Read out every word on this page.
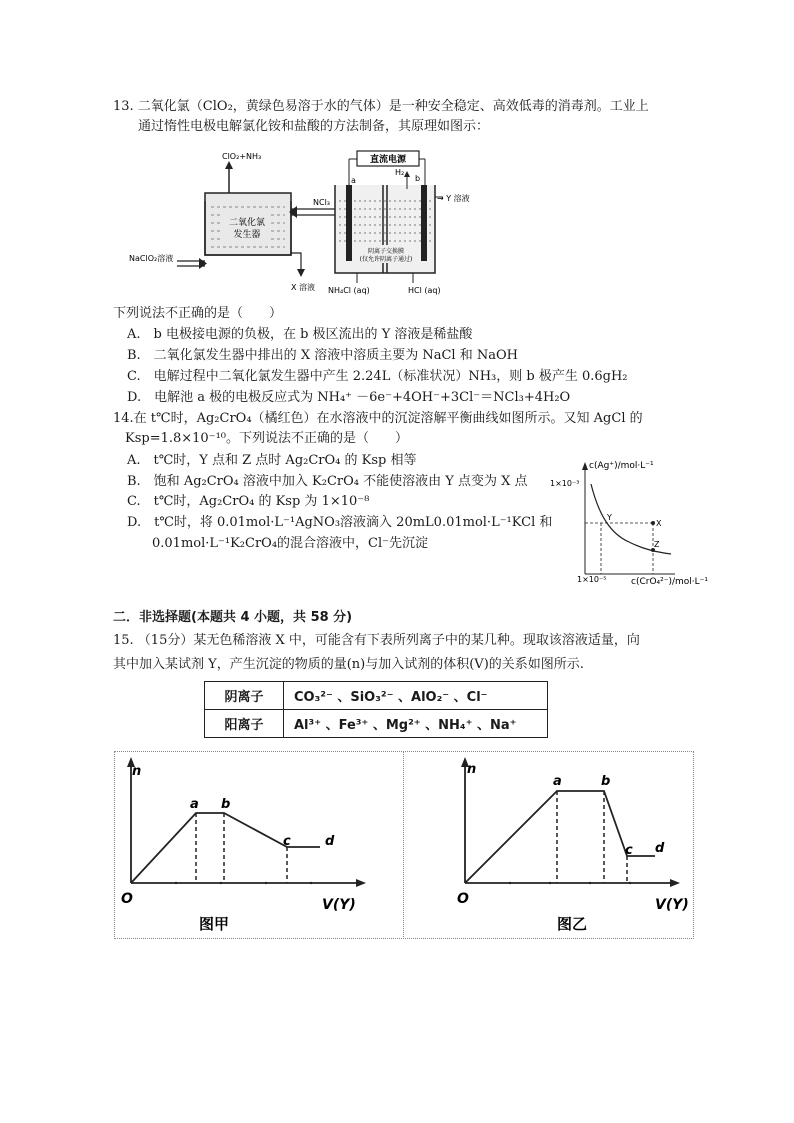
13. 二氧化氯（ClO₂，黄绿色易溶于水的气体）是一种安全稳定、高效低毒的消毒剂。工业上
通过惰性电极电解氯化铵和盐酸的方法制备，其原理如图示：
二氧化氯
发生器
ClO₂+NH₃
NaClO₂溶液
X 溶液
NCl₃
直流电源
a	b
阴离子交换膜
(仅允许阴离子通过)
H₂
→ Y 溶液
NH₄Cl (aq)	HCl (aq)
下列说法不正确的是（　　）
A.　b 电极接电源的负极，在 b 极区流出的 Y 溶液是稀盐酸
B.　二氧化氯发生器中排出的 X 溶液中溶质主要为 NaCl 和 NaOH
C.　电解过程中二氧化氯发生器中产生 2.24L（标准状况）NH₃，则 b 极产生 0.6gH₂
D.　电解池 a 极的电极反应式为 NH₄⁺ －6e⁻+4OH⁻+3Cl⁻＝NCl₃+4H₂O
14.在 t℃时，Ag₂CrO₄（橘红色）在水溶液中的沉淀溶解平衡曲线如图所示。又知 AgCl 的
Ksp=1.8×10⁻¹⁰。下列说法不正确的是（　　）
A.　t℃时，Y 点和 Z 点时 Ag₂CrO₄ 的 Ksp 相等
B.　饱和 Ag₂CrO₄ 溶液中加入 K₂CrO₄ 不能使溶液由 Y 点变为 X 点
C.　t℃时，Ag₂CrO₄ 的 Ksp 为 1×10⁻⁸
D.　t℃时，将 0.01mol·L⁻¹AgNO₃溶液滴入 20mL0.01mol·L⁻¹KCl 和
0.01mol·L⁻¹K₂CrO₄的混合溶液中，Cl⁻先沉淀
c(Ag⁺)/mol·L⁻¹
1×10⁻³
1×10⁻⁵	c(CrO₄²⁻)/mol·L⁻¹
Y
X
Z
二．非选择题(本题共 4 小题，共 58 分)
15. （15分）某无色稀溶液 X 中，可能含有下表所列离子中的某几种。现取该溶液适量，向
其中加入某试剂 Y，产生沉淀的物质的量(n)与加入试剂的体积(V)的关系如图所示.
阴离子	CO₃²⁻ 、SiO₃²⁻ 、AlO₂⁻ 、Cl⁻
阳离子	Al³⁺ 、Fe³⁺ 、Mg²⁺ 、NH₄⁺ 、Na⁺
n
O	V(Y)
a b
c	d
图甲
n
O	V(Y)
a	b
c d
图乙
